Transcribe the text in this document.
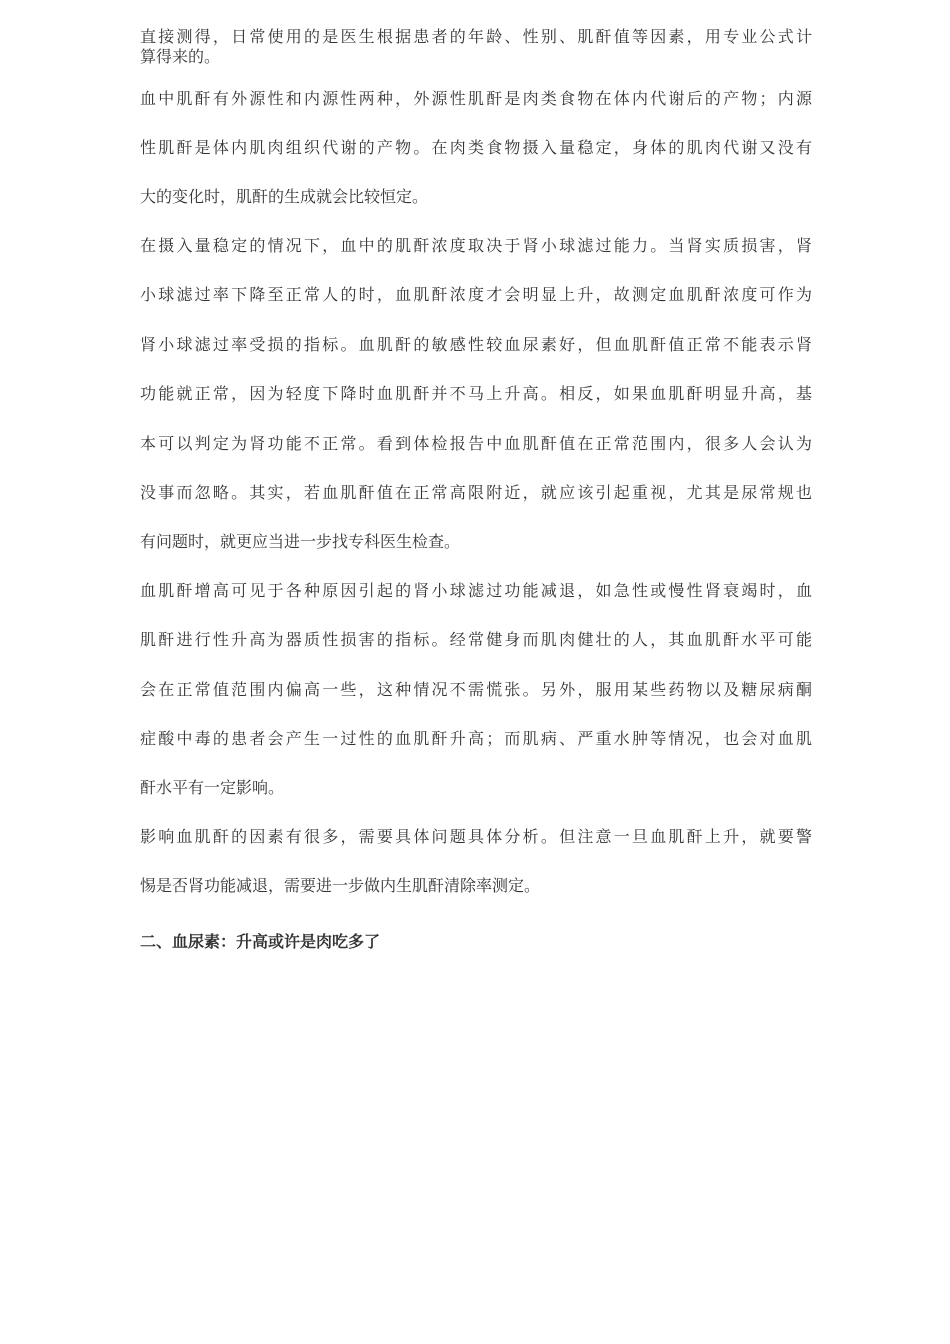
直接测得，日常使用的是医生根据患者的年龄、性别、肌酐值等因素，用专业公式计
算得来的。
血中肌酐有外源性和内源性两种，外源性肌酐是肉类食物在体内代谢后的产物；内源
性肌酐是体内肌肉组织代谢的产物。在肉类食物摄入量稳定，身体的肌肉代谢又没有
大的变化时，肌酐的生成就会比较恒定。
在摄入量稳定的情况下，血中的肌酐浓度取决于肾小球滤过能力。当肾实质损害，肾
小球滤过率下降至正常人的时，血肌酐浓度才会明显上升，故测定血肌酐浓度可作为
肾小球滤过率受损的指标。血肌酐的敏感性较血尿素好，但血肌酐值正常不能表示肾
功能就正常，因为轻度下降时血肌酐并不马上升高。相反，如果血肌酐明显升高，基
本可以判定为肾功能不正常。看到体检报告中血肌酐值在正常范围内，很多人会认为
没事而忽略。其实，若血肌酐值在正常高限附近，就应该引起重视，尤其是尿常规也
有问题时，就更应当进一步找专科医生检查。
血肌酐增高可见于各种原因引起的肾小球滤过功能减退，如急性或慢性肾衰竭时，血
肌酐进行性升高为器质性损害的指标。经常健身而肌肉健壮的人，其血肌酐水平可能
会在正常值范围内偏高一些，这种情况不需慌张。另外，服用某些药物以及糖尿病酮
症酸中毒的患者会产生一过性的血肌酐升高；而肌病、严重水肿等情况，也会对血肌
酐水平有一定影响。
影响血肌酐的因素有很多，需要具体问题具体分析。但注意一旦血肌酐上升，就要警
惕是否肾功能减退，需要进一步做内生肌酐清除率测定。
二、血尿素：升高或许是肉吃多了
